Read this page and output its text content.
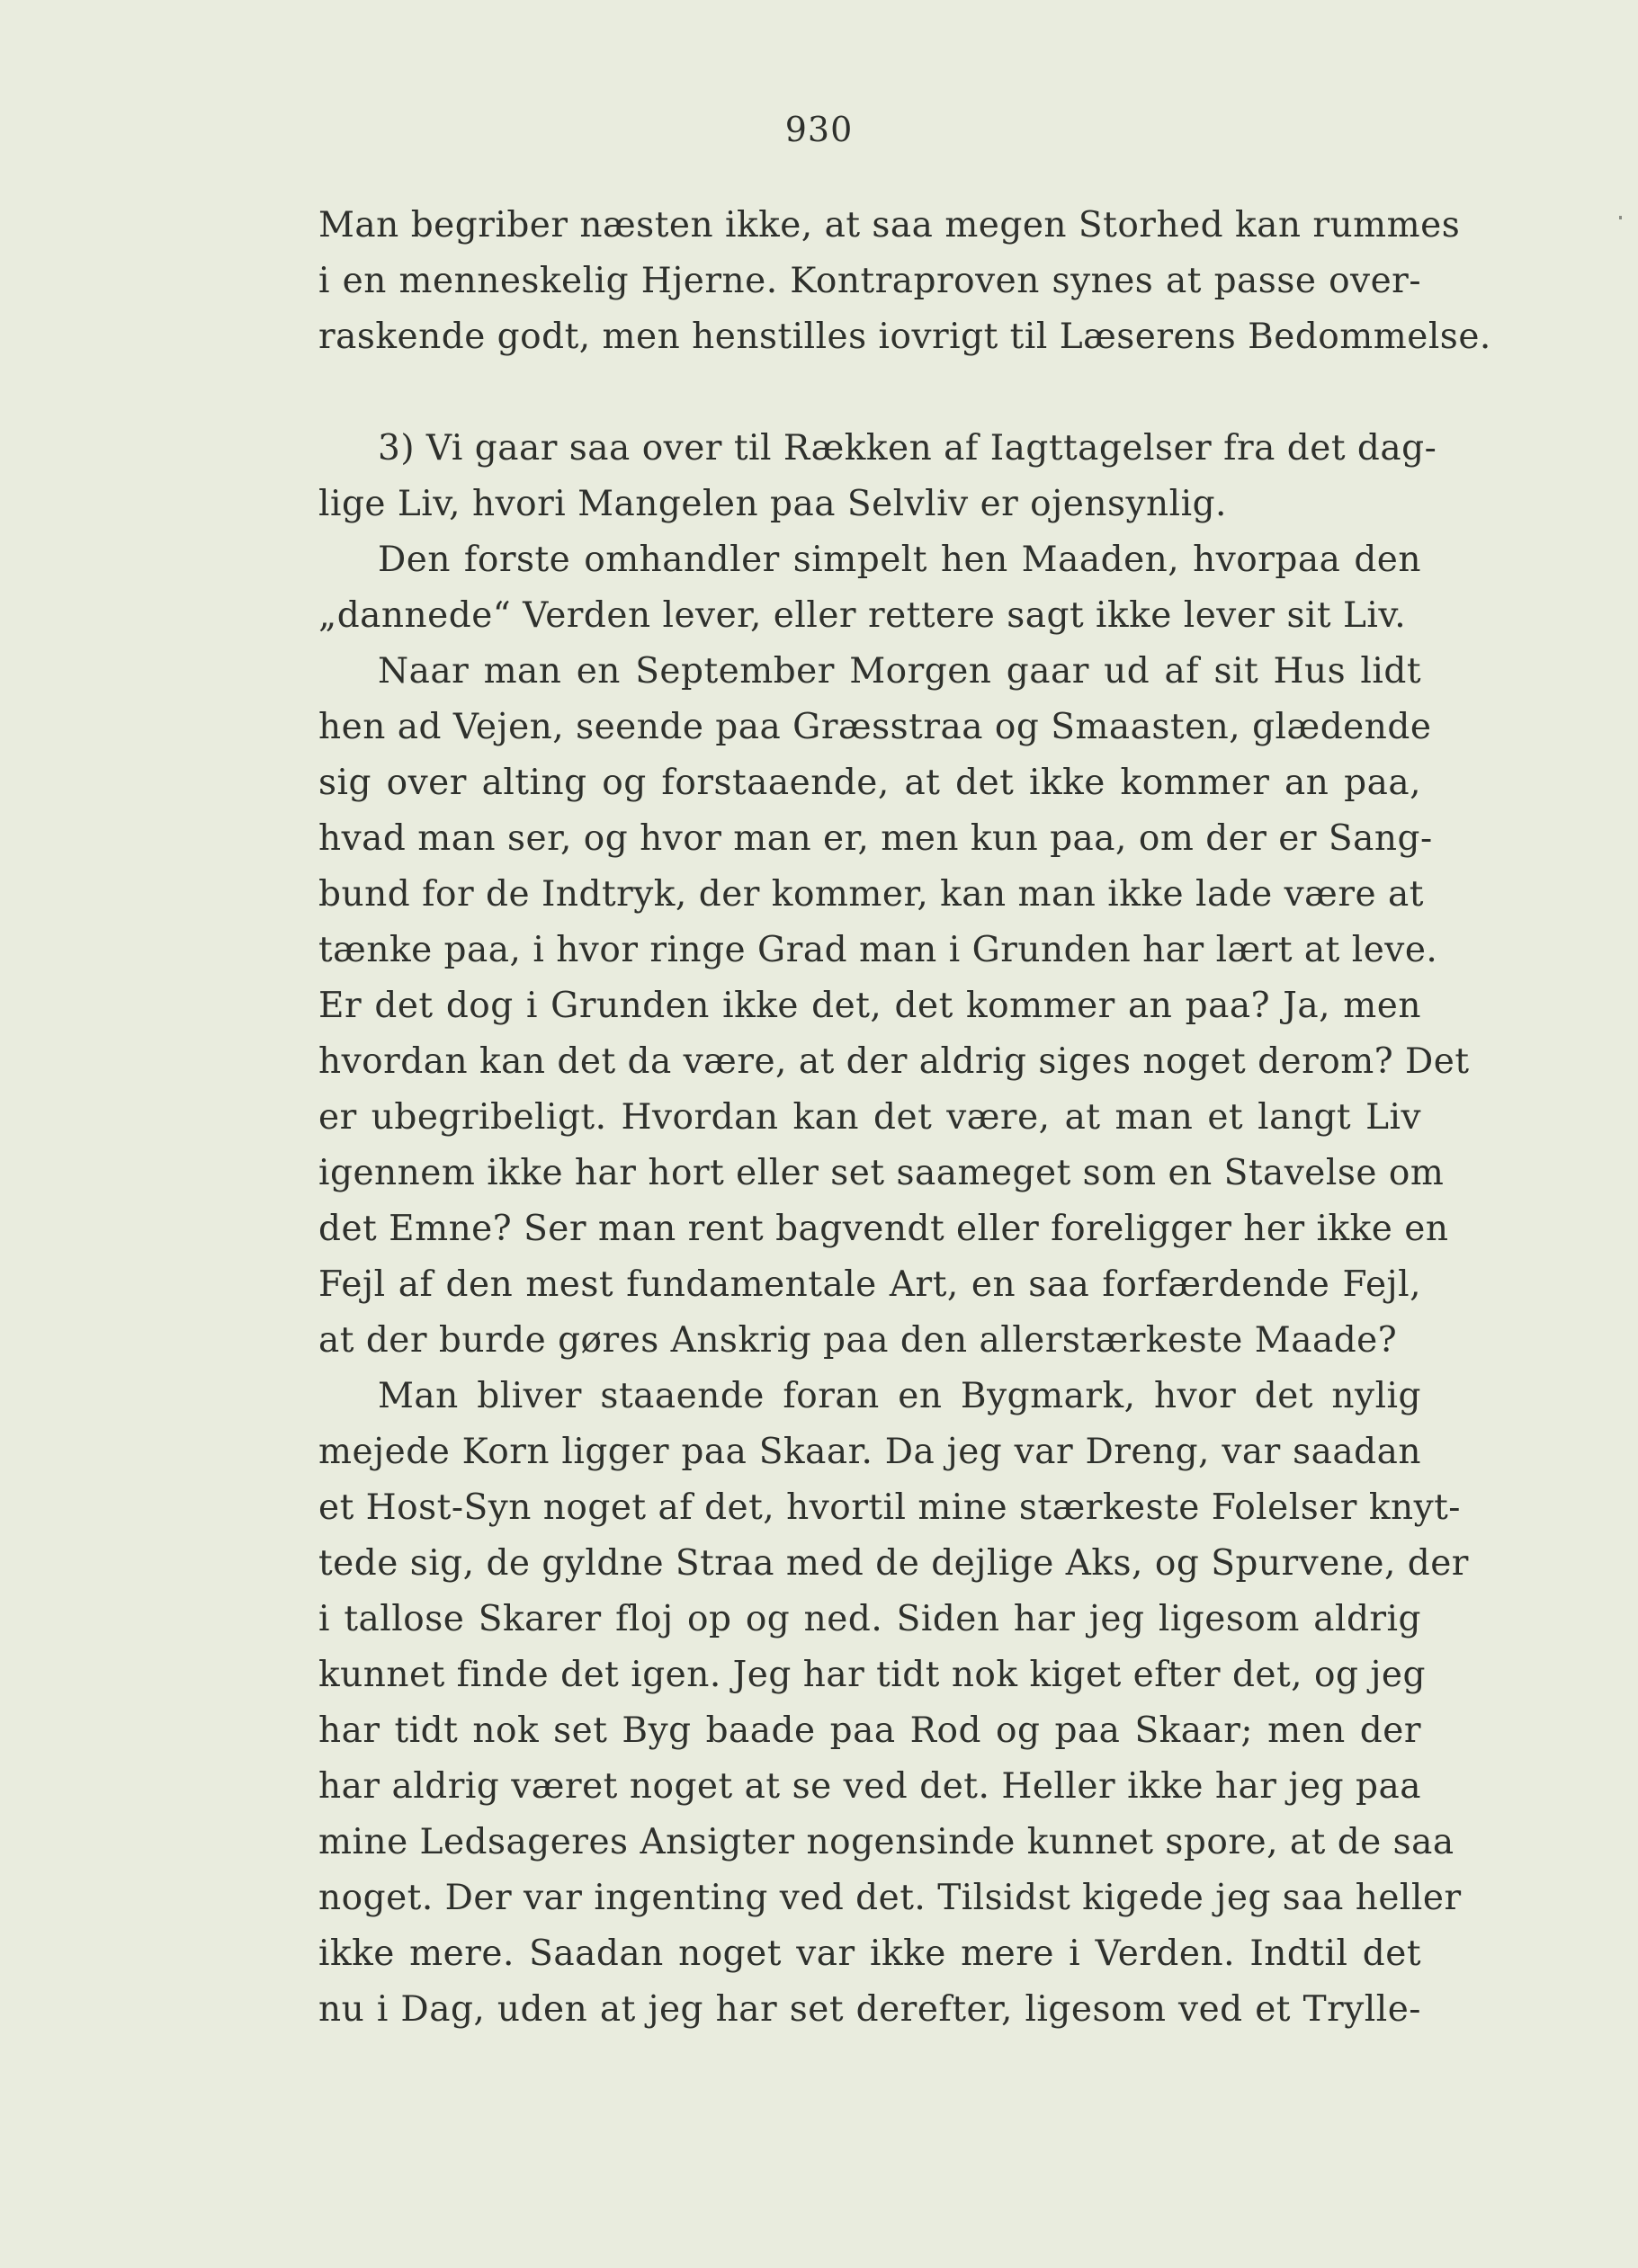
930
Man begriber næsten ikke, at saa megen Storhed kan rummes
i en menneskelig Hjerne. Kontraproven synes at passe over-
raskende godt, men henstilles iovrigt til Læserens Bedommelse.
3) Vi gaar saa over til Rækken af Iagttagelser fra det dag-
lige Liv, hvori Mangelen paa Selvliv er ojensynlig.
Den forste omhandler simpelt hen Maaden, hvorpaa den
„dannede“ Verden lever, eller rettere sagt ikke lever sit Liv.
Naar man en September Morgen gaar ud af sit Hus lidt
hen ad Vejen, seende paa Græsstraa og Smaasten, glædende
sig over alting og forstaaende, at det ikke kommer an paa,
hvad man ser, og hvor man er, men kun paa, om der er Sang-
bund for de Indtryk, der kommer, kan man ikke lade være at
tænke paa, i hvor ringe Grad man i Grunden har lært at leve.
Er det dog i Grunden ikke det, det kommer an paa? Ja, men
hvordan kan det da være, at der aldrig siges noget derom? Det
er ubegribeligt. Hvordan kan det være, at man et langt Liv
igennem ikke har hort eller set saameget som en Stavelse om
det Emne? Ser man rent bagvendt eller foreligger her ikke en
Fejl af den mest fundamentale Art, en saa forfærdende Fejl,
at der burde gøres Anskrig paa den allerstærkeste Maade?
Man bliver staaende foran en Bygmark, hvor det nylig
mejede Korn ligger paa Skaar. Da jeg var Dreng, var saadan
et Host-Syn noget af det, hvortil mine stærkeste Folelser knyt-
tede sig, de gyldne Straa med de dejlige Aks, og Spurvene, der
i tallose Skarer floj op og ned. Siden har jeg ligesom aldrig
kunnet finde det igen. Jeg har tidt nok kiget efter det, og jeg
har tidt nok set Byg baade paa Rod og paa Skaar; men der
har aldrig været noget at se ved det. Heller ikke har jeg paa
mine Ledsageres Ansigter nogensinde kunnet spore, at de saa
noget. Der var ingenting ved det. Tilsidst kigede jeg saa heller
ikke mere. Saadan noget var ikke mere i Verden. Indtil det
nu i Dag, uden at jeg har set derefter, ligesom ved et Trylle-
